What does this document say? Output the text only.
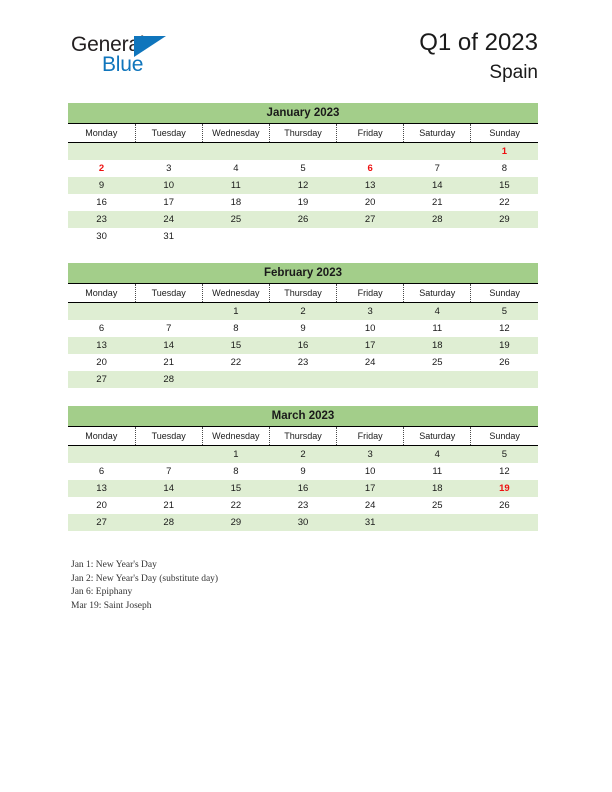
General
Blue
Q1 of 2023
Spain
January 2023
Monday	Tuesday	Wednesday	Thursday	Friday	Saturday	Sunday
						1
2	3	4	5	6	7	8
9	10	11	12	13	14	15
16	17	18	19	20	21	22
23	24	25	26	27	28	29
30	31					
February 2023
Monday	Tuesday	Wednesday	Thursday	Friday	Saturday	Sunday
		1	2	3	4	5
6	7	8	9	10	11	12
13	14	15	16	17	18	19
20	21	22	23	24	25	26
27	28					
March 2023
Monday	Tuesday	Wednesday	Thursday	Friday	Saturday	Sunday
		1	2	3	4	5
6	7	8	9	10	11	12
13	14	15	16	17	18	19
20	21	22	23	24	25	26
27	28	29	30	31		
Jan 1: New Year's Day
Jan 2: New Year's Day (substitute day)
Jan 6: Epiphany
Mar 19: Saint Joseph
